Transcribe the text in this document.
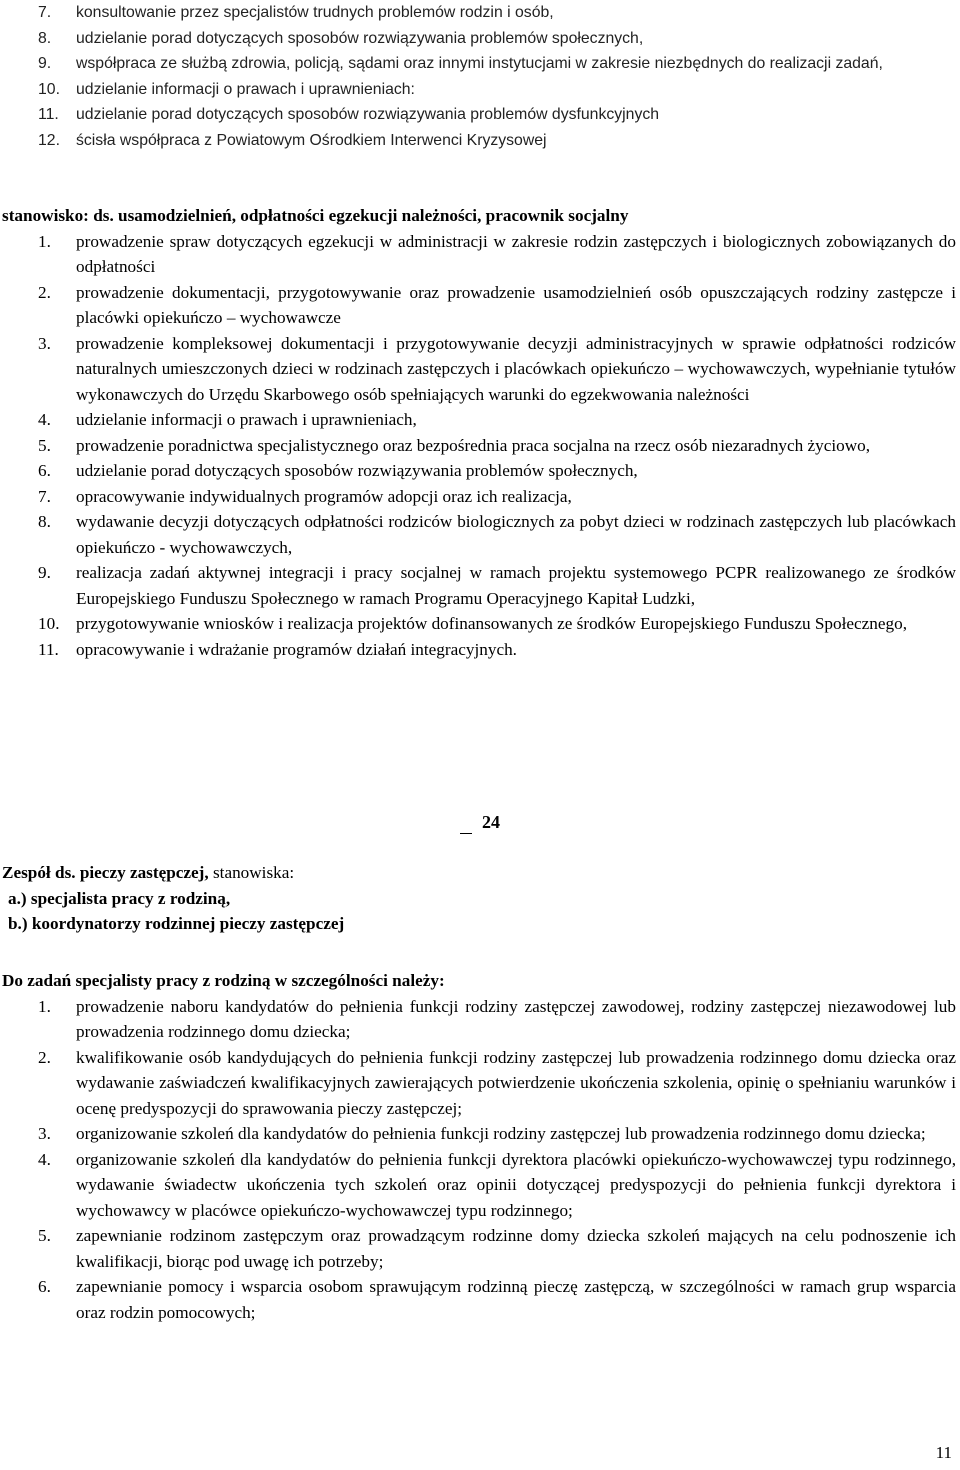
7. konsultowanie przez specjalistów trudnych problemów rodzin i osób,
8. udzielanie porad dotyczących sposobów rozwiązywania problemów społecznych,
9. współpraca ze służbą zdrowia, policją, sądami oraz innymi instytucjami w zakresie niezbędnych do realizacji zadań,
10. udzielanie informacji o prawach i uprawnieniach:
11. udzielanie porad dotyczących sposobów rozwiązywania problemów dysfunkcyjnych
12. ścisła współpraca z Powiatowym Ośrodkiem Interwenci Kryzysowej
stanowisko: ds. usamodzielnień, odpłatności egzekucji należności, pracownik socjalny
1. prowadzenie spraw dotyczących egzekucji w administracji w zakresie rodzin zastępczych i biologicznych zobowiązanych do odpłatności
2. prowadzenie dokumentacji, przygotowywanie oraz prowadzenie usamodzielnień osób opuszczających rodziny zastępcze i placówki opiekuńczo – wychowawcze
3. prowadzenie kompleksowej dokumentacji i przygotowywanie decyzji administracyjnych w sprawie odpłatności rodziców naturalnych umieszczonych dzieci w rodzinach zastępczych i placówkach opiekuńczo – wychowawczych, wypełnianie tytułów wykonawczych do Urzędu Skarbowego osób spełniających warunki do egzekwowania należności
4. udzielanie informacji o prawach i uprawnieniach,
5. prowadzenie poradnictwa specjalistycznego oraz bezpośrednia praca socjalna na rzecz osób niezaradnych życiowo,
6. udzielanie porad dotyczących sposobów rozwiązywania problemów społecznych,
7. opracowywanie indywidualnych programów adopcji oraz ich realizacja,
8. wydawanie decyzji dotyczących odpłatności rodziców biologicznych za pobyt dzieci w rodzinach zastępczych lub placówkach opiekuńczo - wychowawczych,
9. realizacja zadań aktywnej integracji i pracy socjalnej w ramach projektu systemowego PCPR realizowanego ze środków Europejskiego Funduszu Społecznego w ramach Programu Operacyjnego Kapitał Ludzki,
10. przygotowywanie wniosków i realizacja projektów dofinansowanych ze środków Europejskiego Funduszu Społecznego,
11. opracowywanie i wdrażanie programów działań integracyjnych.
24
Zespół ds. pieczy zastępczej, stanowiska:
a.) specjalista pracy z rodziną,
b.) koordynatorzy rodzinnej pieczy zastępczej
Do zadań specjalisty pracy z rodziną w szczególności należy:
1. prowadzenie naboru kandydatów do pełnienia funkcji rodziny zastępczej zawodowej, rodziny zastępczej niezawodowej lub prowadzenia rodzinnego domu dziecka;
2. kwalifikowanie osób kandydujących do pełnienia funkcji rodziny zastępczej lub prowadzenia rodzinnego domu dziecka oraz wydawanie zaświadczeń kwalifikacyjnych zawierających potwierdzenie ukończenia szkolenia, opinię o spełnianiu warunków i ocenę predyspozycji do sprawowania pieczy zastępczej;
3. organizowanie szkoleń dla kandydatów do pełnienia funkcji rodziny zastępczej lub prowadzenia rodzinnego domu dziecka;
4. organizowanie szkoleń dla kandydatów do pełnienia funkcji dyrektora placówki opiekuńczo-wychowawczej typu rodzinnego, wydawanie świadectw ukończenia tych szkoleń oraz opinii dotyczącej predyspozycji do pełnienia funkcji dyrektora i wychowawcy w placówce opiekuńczo-wychowawczej typu rodzinnego;
5. zapewnianie rodzinom zastępczym oraz prowadzącym rodzinne domy dziecka szkoleń mających na celu podnoszenie ich kwalifikacji, biorąc pod uwagę ich potrzeby;
6. zapewnianie pomocy i wsparcia osobom sprawującym rodzinną pieczę zastępczą, w szczególności w ramach grup wsparcia oraz rodzin pomocowych;
11
